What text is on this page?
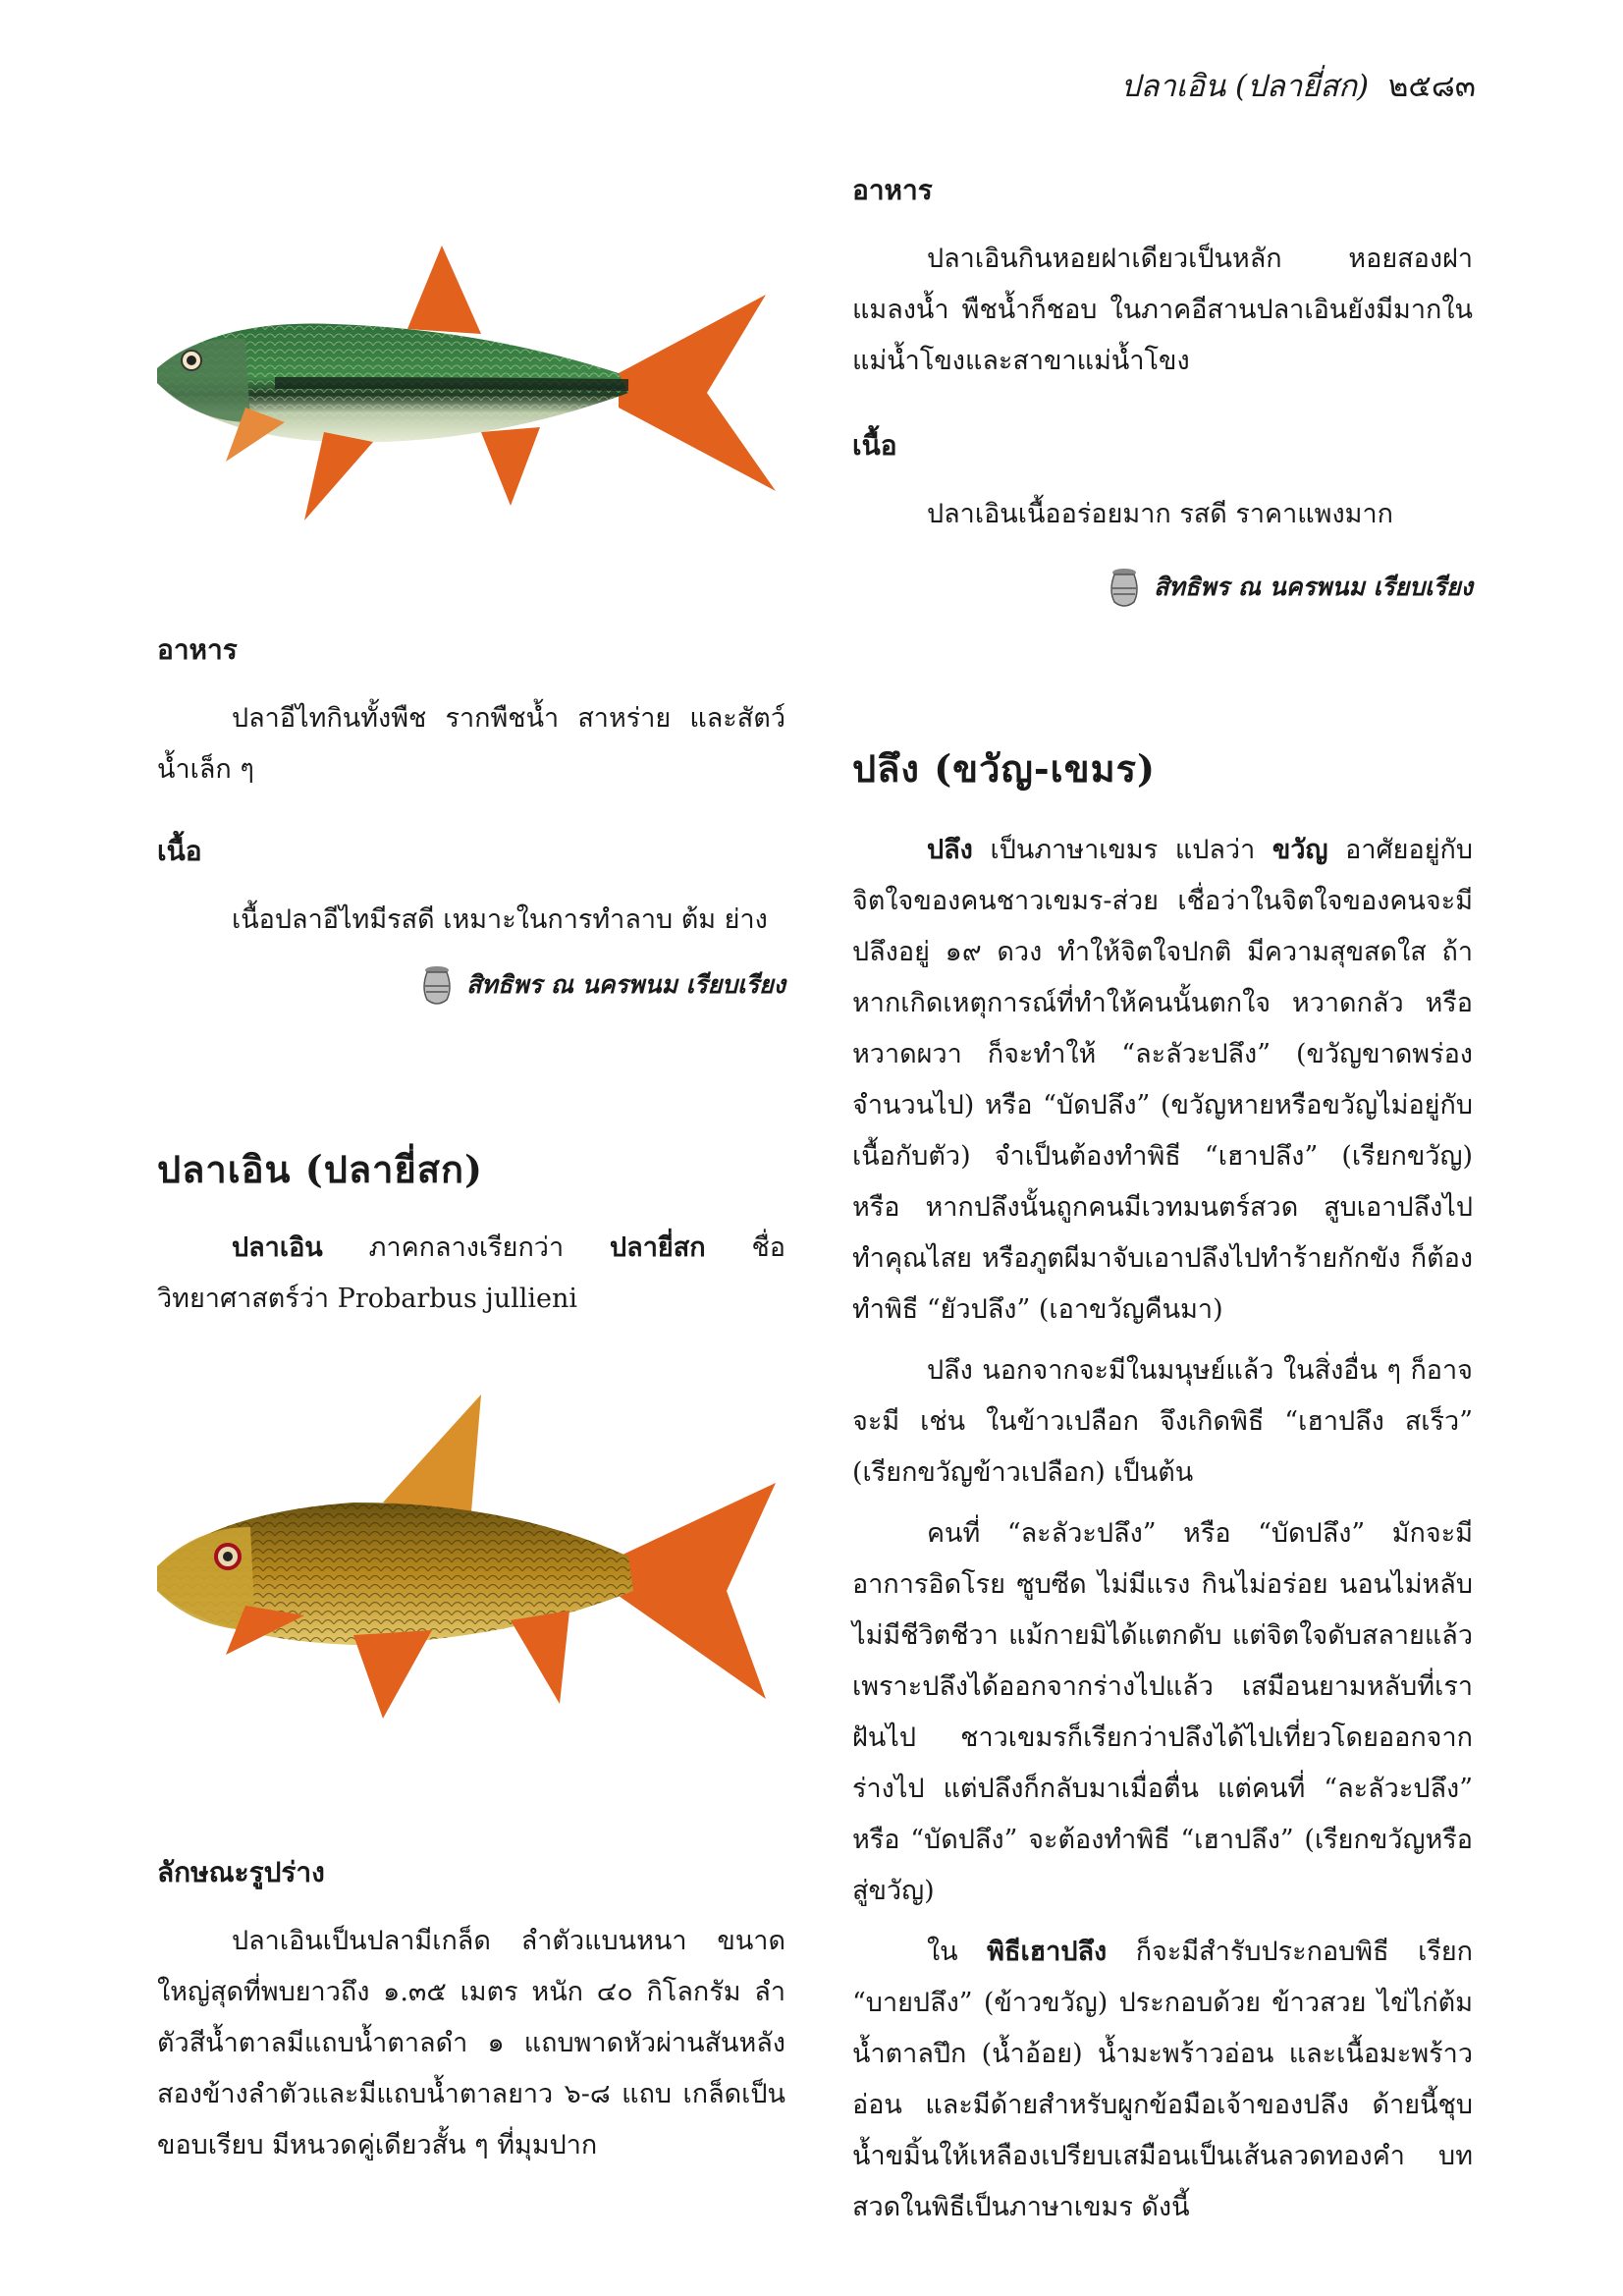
ปลาเอิน (ปลายี่สก) ๒๕๘๓
อาหาร

ปลาอีไทกินทั้งพืช รากพืชน้ำ สาหร่าย และสัตว์น้ำเล็ก ๆ

เนื้อ

เนื้อปลาอีไทมีรสดี เหมาะในการทำลาบ ต้ม ย่าง

สิทธิพร ณ นครพนม เรียบเรียง
ปลาเอิน (ปลายี่สก)

ปลาเอิน ภาคกลางเรียกว่า ปลายี่สก ชื่อวิทยาศาสตร์ว่า Probarbus jullieni

ลักษณะรูปร่าง

ปลาเอินเป็นปลามีเกล็ด ลำตัวแบนหนา ขนาดใหญ่สุดที่พบยาวถึง ๑.๓๕ เมตร หนัก ๔๐ กิโลกรัม ลำตัวสีน้ำตาลมีแถบน้ำตาลดำ ๑ แถบพาดหัวผ่านสันหลังสองข้างลำตัวและมีแถบน้ำตาลยาว ๖-๘ แถบ เกล็ดเป็นขอบเรียบ มีหนวดคู่เดียวสั้น ๆ ที่มุมปาก

อาหาร

ปลาเอินกินหอยฝาเดียวเป็นหลัก หอยสองฝา แมลงน้ำ พืชน้ำก็ชอบ ในภาคอีสานปลาเอินยังมีมากในแม่น้ำโขงและสาขาแม่น้ำโขง

เนื้อ

ปลาเอินเนื้ออร่อยมาก รสดี ราคาแพงมาก

สิทธิพร ณ นครพนม เรียบเรียง
ปลึง (ขวัญ-เขมร)

ปลึง เป็นภาษาเขมร แปลว่า ขวัญ อาศัยอยู่กับจิตใจของคนชาวเขมร-ส่วย เชื่อว่าในจิตใจของคนจะมีปลึงอยู่ ๑๙ ดวง ทำให้จิตใจปกติ มีความสุขสดใส ถ้าหากเกิดเหตุการณ์ที่ทำให้คนนั้นตกใจ หวาดกลัว หรือหวาดผวา ก็จะทำให้ “ละลัวะปลึง” (ขวัญขาดพร่องจำนวนไป) หรือ “บัดปลึง” (ขวัญหายหรือขวัญไม่อยู่กับเนื้อกับตัว) จำเป็นต้องทำพิธี “เฮาปลึง” (เรียกขวัญ) หรือ หากปลึงนั้นถูกคนมีเวทมนตร์สวด สูบเอาปลึงไปทำคุณไสย หรือภูตผีมาจับเอาปลึงไปทำร้ายกักขัง ก็ต้องทำพิธี “ยัวปลึง” (เอาขวัญคืนมา)

ปลึง นอกจากจะมีในมนุษย์แล้ว ในสิ่งอื่น ๆ ก็อาจจะมี เช่น ในข้าวเปลือก จึงเกิดพิธี “เฮาปลึง สเร็ว” (เรียกขวัญข้าวเปลือก) เป็นต้น

คนที่ “ละลัวะปลึง” หรือ “บัดปลึง” มักจะมีอาการอิดโรย ซูบซีด ไม่มีแรง กินไม่อร่อย นอนไม่หลับ ไม่มีชีวิตชีวา แม้กายมิได้แตกดับ แต่จิตใจดับสลายแล้ว เพราะปลึงได้ออกจากร่างไปแล้ว เสมือนยามหลับที่เราฝันไป ชาวเขมรก็เรียกว่าปลึงได้ไปเที่ยวโดยออกจากร่างไป แต่ปลึงก็กลับมาเมื่อตื่น แต่คนที่ “ละลัวะปลึง” หรือ “บัดปลึง” จะต้องทำพิธี “เฮาปลึง” (เรียกขวัญหรือสู่ขวัญ)

ใน พิธีเฮาปลึง ก็จะมีสำรับประกอบพิธี เรียก “บายปลึง” (ข้าวขวัญ) ประกอบด้วย ข้าวสวย ไข่ไก่ต้ม น้ำตาลปึก (น้ำอ้อย) น้ำมะพร้าวอ่อน และเนื้อมะพร้าวอ่อน และมีด้ายสำหรับผูกข้อมือเจ้าของปลึง ด้ายนี้ชุบน้ำขมิ้นให้เหลืองเปรียบเสมือนเป็นเส้นลวดทองคำ บทสวดในพิธีเป็นภาษาเขมร ดังนี้
